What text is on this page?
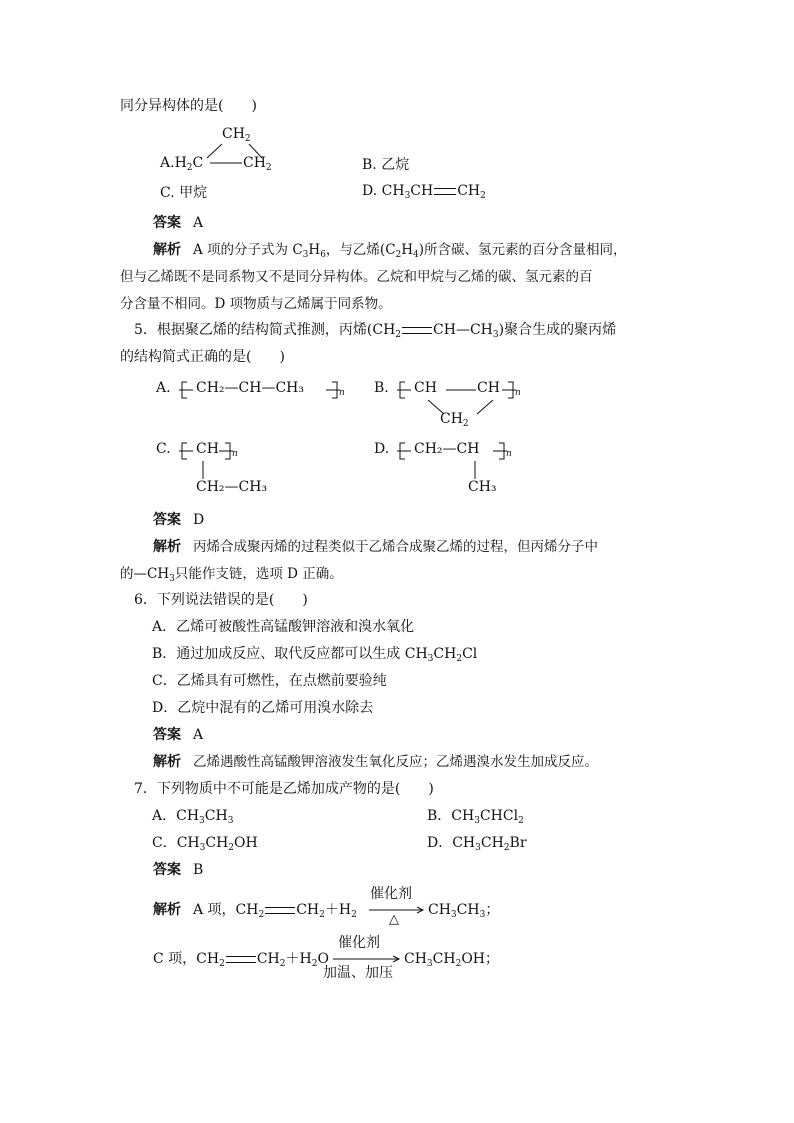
同分异构体的是(　　)
$CH_2$
$A.H_2C$	$CH_2$	B. 乙烷
C. 甲烷	D. $CH_3CH$ $CH_2$
答案 A
解析 A 项的分子式为 $C_3H_6$，与乙烯$(C_2H_4)$所含碳、氢元素的百分含量相同，
但与乙烯既不是同系物又不是同分异构体。乙烷和甲烷与乙烯的碳、氢元素的百
分含量不相同。D 项物质与乙烯属于同系物。
5．根据聚乙烯的结构简式推测，丙烯($CH_2$ $CH—CH_3$)聚合生成的聚丙烯
的结构简式正确的是(　　)
A. CH₂—CH—CH₃	n B. CH	CH n
$CH_2$
C. CH n
CH₂—CH₃
D. CH₂—CH	n
CH₃
答案 D
解析 丙烯合成聚丙烯的过程类似于乙烯合成聚乙烯的过程，但丙烯分子中
的$—CH_3$只能作支链，选项 D 正确。
6．下列说法错误的是(　　)
A．乙烯可被酸性高锰酸钾溶液和溴水氧化
B．通过加成反应、取代反应都可以生成 $CH_3CH_2Cl$
C．乙烯具有可燃性，在点燃前要验纯
D．乙烷中混有的乙烯可用溴水除去
答案 A
解析 乙烯遇酸性高锰酸钾溶液发生氧化反应；乙烯遇溴水发生加成反应。
7．下列物质中不可能是乙烯加成产物的是(　　)
A．$CH_3CH_3$	B．$CH_3CHCl_2$
C．$CH_3CH_2OH$	D．$CH_3CH_2Br$
答案 B
解析 A 项，$CH_2$ $CH_2+H_2$
催化剂
△
$CH_3CH_3$；
C 项，$CH_2$ $CH_2+H_2O$
催化剂
加温、加压
$CH_3CH_2OH$；
